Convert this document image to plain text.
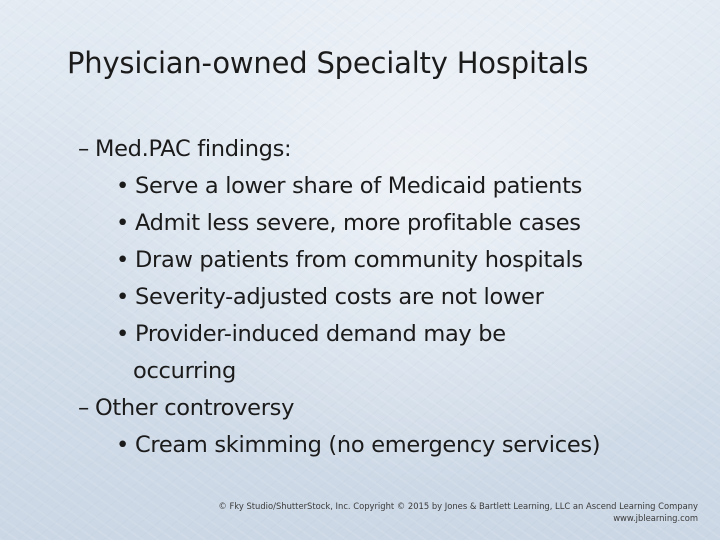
Physician-owned Specialty Hospitals
– Med.PAC findings:
• Serve a lower share of Medicaid patients
• Admit less severe, more profitable cases
• Draw patients from community hospitals
• Severity-adjusted costs are not lower
• Provider-induced demand may be
occurring
– Other controversy
• Cream skimming (no emergency services)
© Fky Studio/ShutterStock, Inc. Copyright © 2015 by Jones & Bartlett Learning, LLC an Ascend Learning Company
www.jblearning.com
